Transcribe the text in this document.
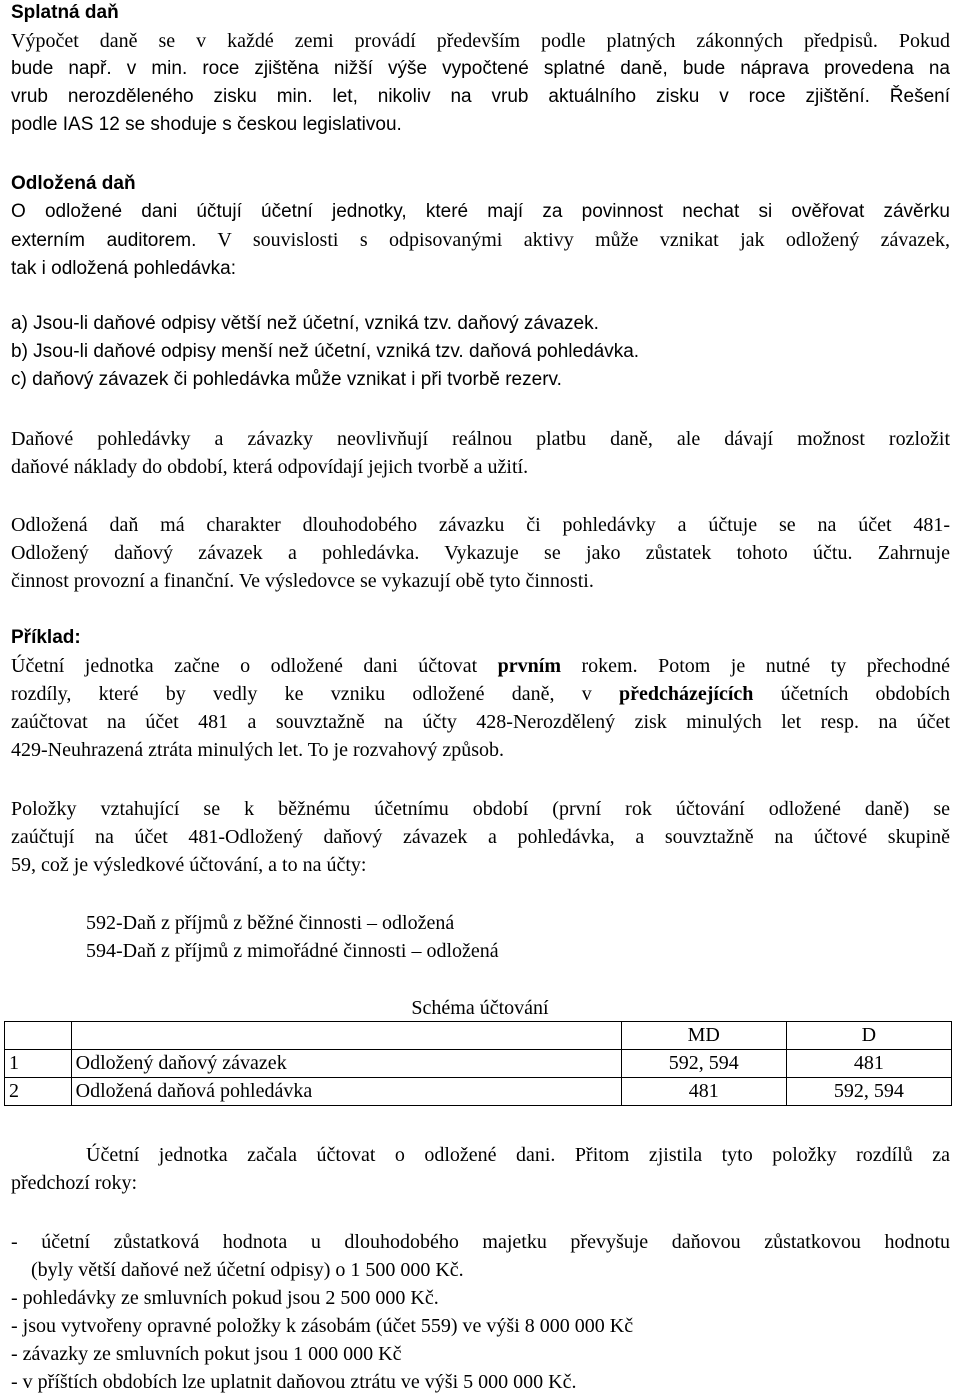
Splatná daň
Výpočet daně se v každé zemi provádí především podle platných zákonných předpisů. Pokud
bude např. v min. roce zjištěna nižší výše vypočtené splatné daně, bude náprava provedena na
vrub nerozděleného zisku min. let, nikoliv na vrub aktuálního zisku v roce zjištění. Řešení
podle IAS 12 se shoduje s českou legislativou.
Odložená daň
O odložené dani účtují účetní jednotky, které mají za povinnost nechat si ověřovat závěrku
externím auditorem. V souvislosti s odpisovanými aktivy může vznikat jak odložený závazek,
tak i odložená pohledávka:
a) Jsou-li daňové odpisy větší než účetní, vzniká tzv. daňový závazek.
b) Jsou-li daňové odpisy menší než účetní, vzniká tzv. daňová pohledávka.
c) daňový závazek či pohledávka může vznikat i při tvorbě rezerv.
Daňové pohledávky a závazky neovlivňují reálnou platbu daně, ale dávají možnost rozložit
daňové náklady do období, která odpovídají jejich tvorbě a užití.
Odložená daň má charakter dlouhodobého závazku či pohledávky a účtuje se na účet 481-
Odložený daňový závazek a pohledávka. Vykazuje se jako zůstatek tohoto účtu. Zahrnuje
činnost provozní a finanční. Ve výsledovce se vykazují obě tyto činnosti.
Příklad:
Účetní jednotka začne o odložené dani účtovat prvním rokem. Potom je nutné ty přechodné
rozdíly, které by vedly ke vzniku odložené daně, v předcházejících účetních obdobích
zaúčtovat na účet 481 a souvztažně na účty 428-Nerozdělený zisk minulých let resp. na účet
429-Neuhrazená ztráta minulých let. To je rozvahový způsob.
Položky vztahující se k běžnému účetnímu období (první rok účtování odložené daně) se
zaúčtují na účet 481-Odložený daňový závazek a pohledávka, a souvztažně na účtové skupině
59, což je výsledkové účtování, a to na účty:
592-Daň z příjmů z běžné činnosti – odložená
594-Daň z příjmů z mimořádné činnosti – odložená
Schéma účtování
		MD	D
1	Odložený daňový závazek	592, 594	481
2	Odložená daňová pohledávka	481	592, 594
Účetní jednotka začala účtovat o odložené dani. Přitom zjistila tyto položky rozdílů za
předchozí roky:
- účetní zůstatková hodnota u dlouhodobého majetku převyšuje daňovou zůstatkovou hodnotu
(byly větší daňové než účetní odpisy) o 1 500 000 Kč.
- pohledávky ze smluvních pokud jsou 2 500 000 Kč.
- jsou vytvořeny opravné položky k zásobám (účet 559) ve výši 8 000 000 Kč
- závazky ze smluvních pokut jsou 1 000 000 Kč
- v příštích obdobích lze uplatnit daňovou ztrátu ve výši 5 000 000 Kč.
